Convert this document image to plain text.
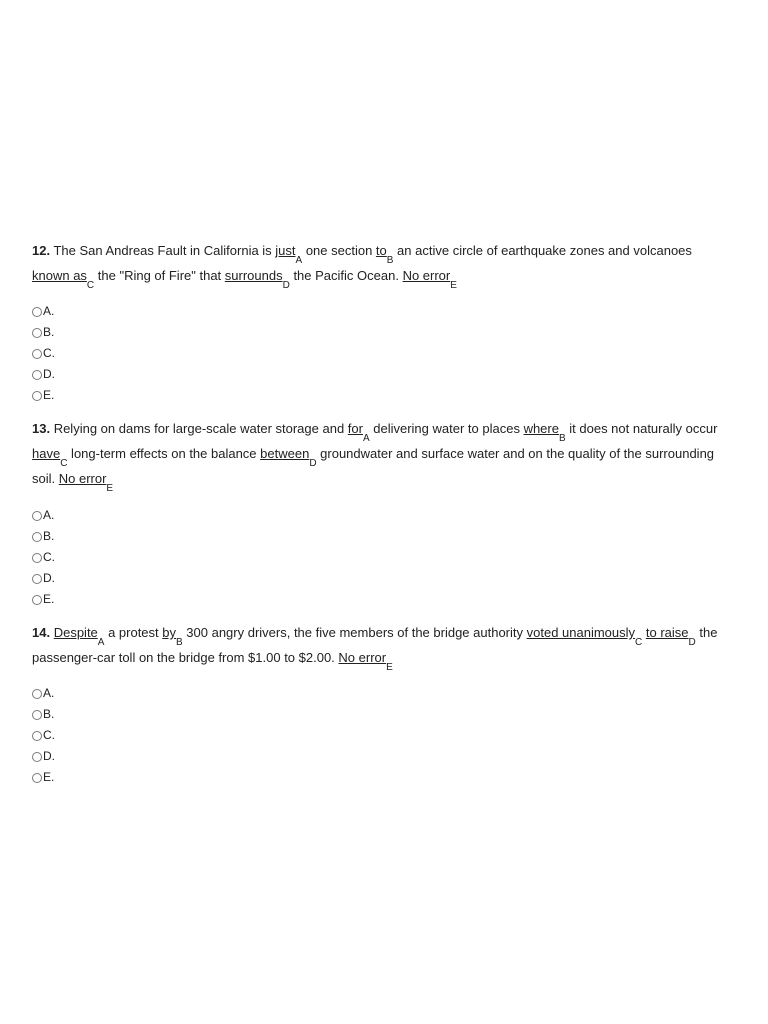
12. The San Andreas Fault in California is just$_A$ one section $to_B$ an active circle of earthquake zones and volcanoes known $as_C$ the "Ring of Fire" that surrounds$_D$ the Pacific Ocean. No error$_E$

A.
B.
C.
D.
E.

13. Relying on dams for large-scale water storage and for$_A$ delivering water to places where$_B$ it does not naturally occur have$_C$ long-term effects on the balance between$_D$ groundwater and surface water and on the quality of the surrounding soil. No error$_E$

A.
B.
C.
D.
E.

14. Despite$_A$ a protest $by_B$ 300 angry drivers, the five members of the bridge authority voted unanimously$_C$ to raise$_D$ the passenger-car toll on the bridge from $1.00 to $2.00. No error$_E$

A.
B.
C.
D.
E.
